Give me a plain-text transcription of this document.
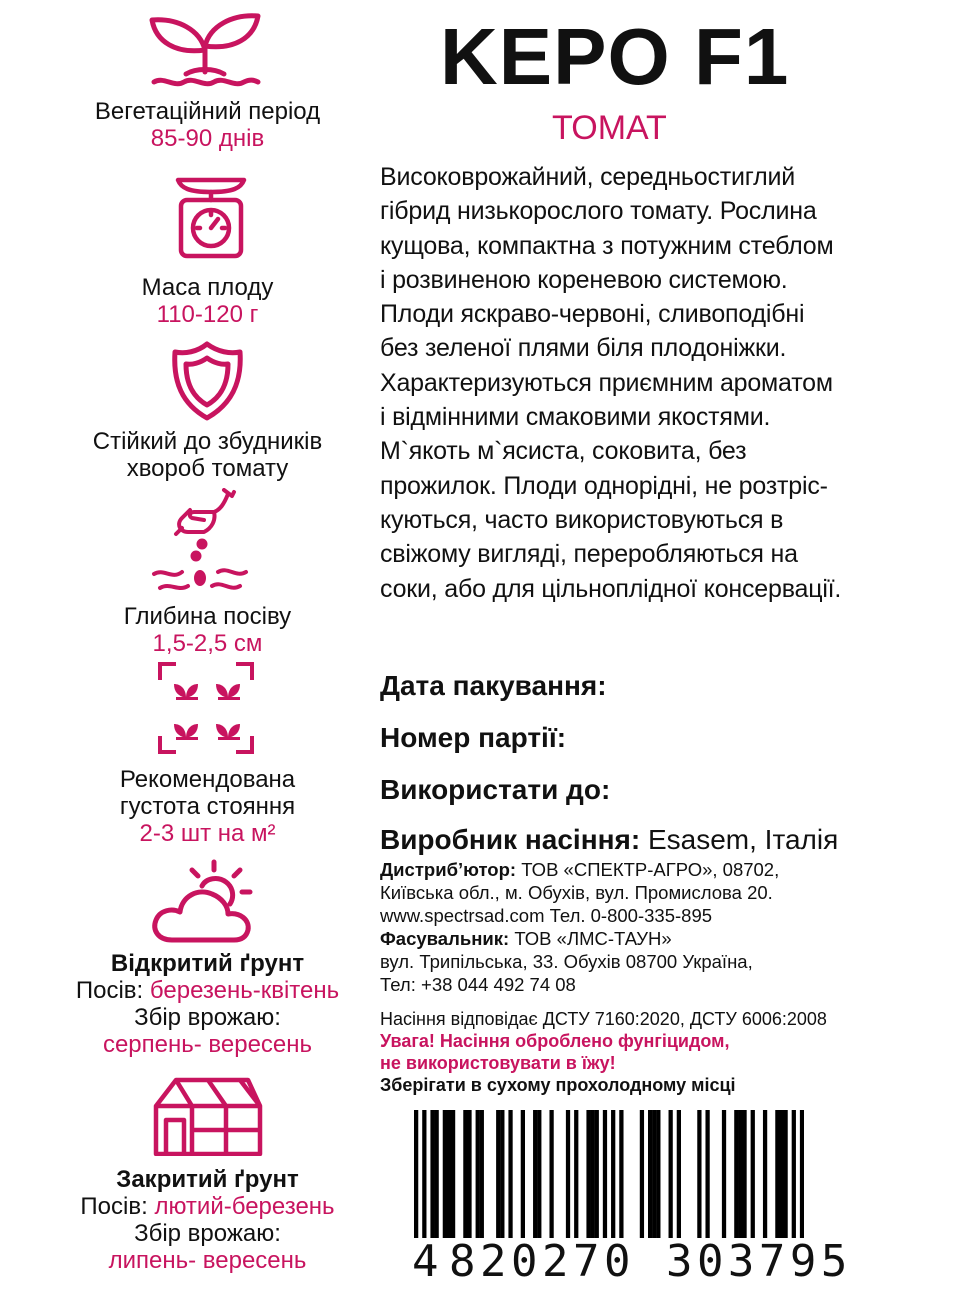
Вегетаційний період
85-90 днів
Маса плоду
110-120 г
Стійкий до збудників
хвороб томату
Глибина посіву
1,5-2,5 см
Рекомендована
густота стояння
2-3 шт на м²
Відкритий ґрунт
Посів: березень-квітень
Збір врожаю:
серпень- вересень
Закритий ґрунт
Посів: лютий-березень
Збір врожаю:
липень- вересень
KEPO F1
ТОМАТ
Високоврожайний, середньостиглий
гібрид низькорослого томату. Рослина
кущова, компактна з потужним стеблом
і розвиненою кореневою системою.
Плоди яскраво-червоні, сливоподібні
без зеленої плями біля плодоніжки.
Характеризуються приємним ароматом
і відмінними смаковими якостями.
М`якоть м`ясиста, соковита, без
прожилок. Плоди однорідні, не розтріс-
куються, часто використовуються в
свіжому вигляді, переробляються на
соки, або для цільноплідної консервації.
Дата пакування:
Номер партії:
Використати до:
Виробник насіння: Esasem, Італія
Дистриб’ютор: ТОВ «СПЕКТР-АГРО», 08702,
Київська обл., м. Обухів, вул. Промислова 20.
www.spectrsad.com Тел. 0-800-335-895
Фасувальник: ТОВ «ЛМС-ТАУН»
вул. Трипільська, 33. Обухів 08700 Україна,
Тел: +38 044 492 74 08
Насіння відповідає ДСТУ 7160:2020, ДСТУ 6006:2008
Увага! Насіння оброблено фунгіцидом,
не використовувати в їжу!
Зберігати в сухому прохолодному місці
4 820270 303795
